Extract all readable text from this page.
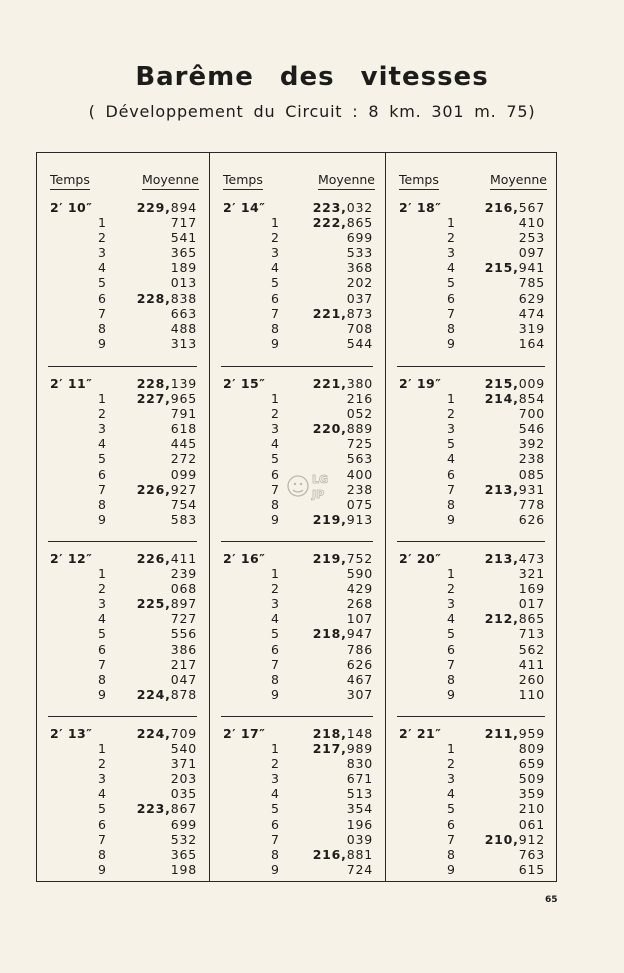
Barême des vitesses
( Développement du Circuit : 8 km. 301 m. 75)
Temps	Moyenne
2′ 10″	229,894
1	717
2	541
3	365
4	189
5	013
6 228,838
7	663
8	488
9	313
2′ 11″	228,139
1 227,965
2	791
3	618
4	445
5	272
6	099
7 226,927
8	754
9	583
2′ 12″	226,411
1	239
2	068
3 225,897
4	727
5	556
6	386
7	217
8	047
9 224,878
2′ 13″	224,709
1	540
2	371
3	203
4	035
5 223,867
6	699
7	532
8	365
9	198
Temps	Moyenne
2′ 14″	223,032
1	222,865
2	699
3	533
4	368
5	202
6	037
7	221,873
8	708
9	544
2′ 15″	221,380
1	216
2	052
3	220,889
4	725
5	563
6	400
7	238
8	075
9	219,913
2′ 16″	219,752
1	590
2	429
3	268
4	107
5	218,947
6	786
7	626
8	467
9	307
2′ 17″	218,148
1	217,989
2	830
3	671
4	513
5	354
6	196
7	039
8	216,881
9	724
Temps	Moyenne
2′ 18″	216,567
1	410
2	253
3	097
4 215,941
5	785
6	629
7	474
8	319
9	164
2′ 19″	215,009
1 214,854
2	700
3	546
5	392
4	238
6	085
7 213,931
8	778
9	626
2′ 20″	213,473
1	321
2	169
3	017
4 212,865
5	713
6	562
7	411
8	260
9	110
2′ 21″	211,959
1	809
2	659
3	509
4	359
5	210
6	061
7 210,912
8	763
9	615
LG
JP
65
